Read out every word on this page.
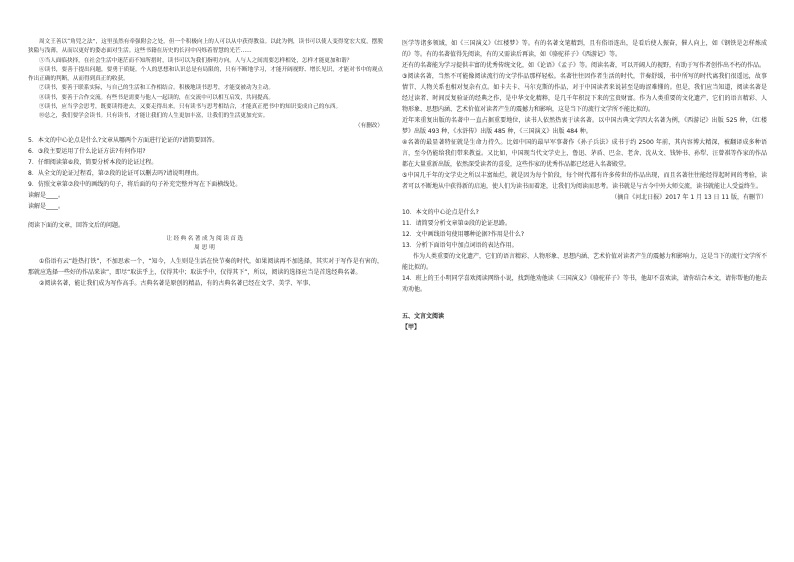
周文王善以“角兕之法”，这里虽然有牵强附会之处，但一个积极向上的人可以从中获得教益。以此为例，读书可以使人变得宽宏大度，摆脱狭隘与浅薄，从而以更好的姿态面对生活。这些书籍在历史的长河中闪烁着智慧的光芒……

⑤当人面临抉择，在社会生活中迷茫而不知所措时，读书可以为我们指明方向。人与人之间需要怎样相处，怎样才能更加和谐？

⑥读书，要善于提出问题，要勇于质疑。个人的思想和认识总是有局限的，只有不断地学习，才能开阔视野、增长见识，才能对书中的观点作出正确的判断，从而得到真正的收获。

⑦读书，要善于联系实际，与自己的生活和工作相结合。积极地读书思考，才能变被动为主动。

⑧读书，要善于合作交流。有些书是需要与他人一起读的，在交流中可以相互启发，共同提高。

⑨读书，应当学会思考，既要读得进去，又要走得出来。只有读书与思考相结合，才能真正把书中的知识变成自己的东西。

⑩总之，我们要学会读书。只有读书，才能让我们的人生更加丰富，让我们的生活更加充实。

（有删改）

5．本文的中心论点是什么?文章从哪两个方面进行论证的?请简要回答。

6．③段主要运用了什么论证方法?有何作用?

7．仔细阅读第⑥段，简要分析本段的论证过程。

8．从全文的论证过程看，第⑦段的论证可以删去吗?请说明理由。

9．仿照文章第⑦段中的画线的句子，将后面的句子补充完整并写在下面横线处。

读解是____。

读解是____。

阅读下面的文章，回答文后的问题。

让经典名著成为阅读首选

周思明

①俗语有云“趁热打铁”，不加思索一个，“知今，人生则是生活在快节奏的时代，如果阅读再不加选择，其实对于写作是有害的，那就应选择一些好的作品来读”，即尽“取法乎上，仅得其中；取法乎中，仅得其下”，所以，阅读的选择应当是首选经典名著。

②阅读名著，能让我们成为写作高手。古典名著是原创的精品，有的古典名著已经在文学、美学、军事、

医学等诸多领域，如《三国演义》《红楼梦》等。有的名著文笔精到，且有俗语连出，是看后使人振奋，催人向上，如《钢铁是怎样炼成的》等。有的名著值得先阅读，有的又需读后再读，如《骆驼祥子》《西游记》等。

还有的名著能为学习提供丰富的优秀传统文化，如《论语》《孟子》等。阅读名著，可以开阔人的视野，有助于写作者创作出不朽的作品。

③阅读名著，当然不可能像阅读流行的文学作品那样轻松。名著往往因作者生活的时代，节奏舒缓，书中所写的时代离我们很遥远，故事情节、人物关系也相对复杂有点。如卡夫卡、马尔克斯的作品，对于中国读者来说甚至是晦涩难懂的。但是，我们应当知道，阅读名著是经过读者、时间反复验证的经典之作，是中华文化精粹，是几千年积淀下来的宝贵财富。作为人类重要的文化遗产，它们的语言精彩、人物形象、思想内涵、艺术价值对读者产生的震撼力和影响，这是当下的流行文学所不能比拟的。

近年来重复出版的名著中一直占据重要地位，读书人依然热衷于读名著。以中国古典文学四大名著为例，《西游记》出版 525 种，《红楼梦》出版 493 种，《水浒传》出版 485 种，《三国演义》出版 484 种。

④名著的最显著特征就是生命力持久。比如中国的最早军事著作《孙子兵法》成书于约 2500 年前，其内容博大精深，被翻译成多种语言，至今仍能给我们带来教益。又比如，中国现当代文学史上，鲁迅、茅盾、巴金、老舍、沈从文、钱钟书、孙犁、汪曾祺等作家的作品都在大量重新出版，依然深受读者的喜爱，这些作家的优秀作品都已经进入名著殿堂。

⑤中国几千年的文学史之所以丰富灿烂，就是因为每个阶段，每个时代都有许多传世的作品出现，而且名著往往能经得起时间的考验，读者可以不断地从中获得新的启迪，使人们为读书而着迷，让我们为阅读而思考。读书就是与古今中外大师交流，读书就能让人受益终生。

（摘自《河北日报》2017 年 1 月 13 日 11 版，有删节）

10．本文的中心论点是什么?

11．请简要分析文章第②段的论证思路。

12．文中画线语句使用哪种论据?作用是什么?

13．分析下面语句中加点词语的表达作用。

作为人类重要的文化遗产，它们的语言精彩、人物形象、思想内涵、艺术价值对读者产生的震撼力和影响力，这是当下的流行文学所不能比拟的。

14．班上的王小明同学喜欢阅读网络小说，找到他劝他读《三国演义》《骆驼祥子》等书，他却不喜欢读，请你结合本文，请你帮他的他去劝劝他。

五、文言文阅读

【甲】
